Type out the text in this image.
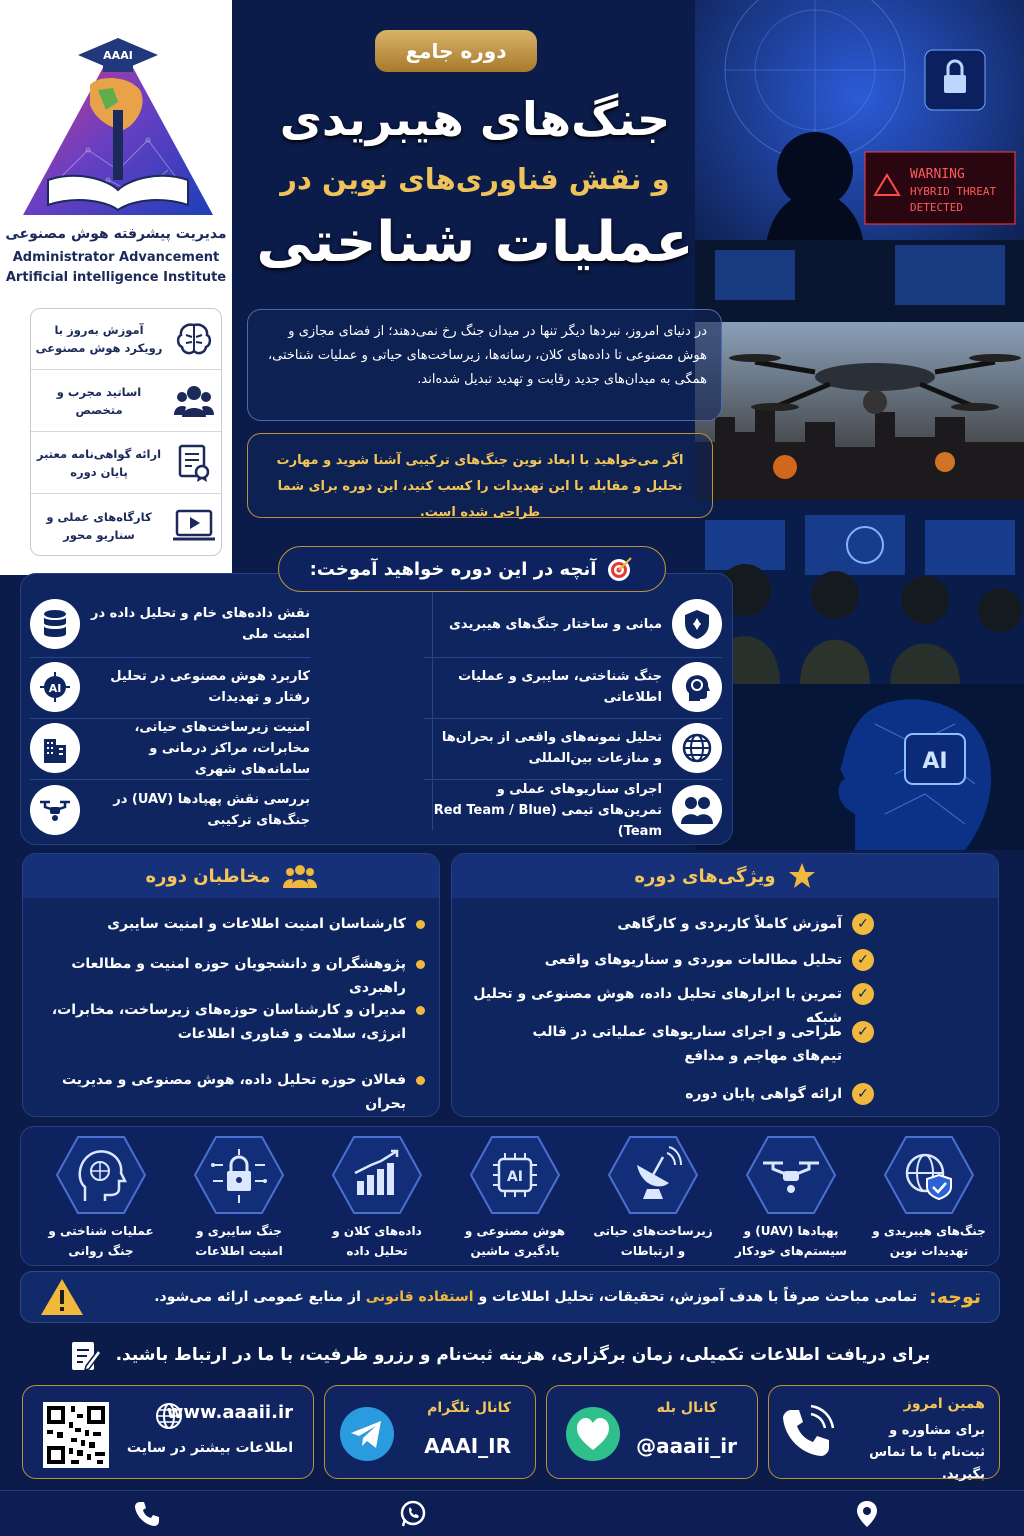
AAAI
مدیریت پیشرفته هوش مصنوعی
Administrator Advancement
Artificial intelligence Institute
آموزش به‌روز با رویکرد هوش مصنوعی
اساتید مجرب و متخصص
ارائه گواهی‌نامه معتبر پایان دوره
کارگاه‌های عملی و سناریو محور
WARNING
HYBRID THREAT
DETECTED
AI
دوره جامع
جنگ‌های هیبریدی
و نقش فناوری‌های نوین در
عملیات شناختی
در دنیای امروز، نبردها دیگر تنها در میدان جنگ رخ نمی‌دهند؛ از فضای مجازی و هوش مصنوعی تا داده‌های کلان، رسانه‌ها، زیرساخت‌های حیاتی و عملیات شناختی، همگی به میدان‌های جدید رقابت و تهدید تبدیل شده‌اند.
اگر می‌خواهید با ابعاد نوین جنگ‌های ترکیبی آشنا شوید و مهارت تحلیل و مقابله با این تهدیدات را کسب کنید، این دوره برای شما طراحی شده است.
مبانی و ساختار جنگ‌های هیبریدی
جنگ شناختی، سایبری و عملیات اطلاعاتی
تحلیل نمونه‌های واقعی از بحران‌ها و منازعات بین‌المللی
اجرای سناریوهای عملی و تمرین‌های تیمی (Red Team / Blue Team)
نقش داده‌های خام و تحلیل داده در امنیت ملی
کاربرد هوش مصنوعی در تحلیل رفتار و تهدیدات
AI
امنیت زیرساخت‌های حیاتی، مخابرات، مراکز درمانی و سامانه‌های شهری
بررسی نقش پهپادها (UAV) در جنگ‌های ترکیبی
آنچه در این دوره خواهید آموخت:
مخاطبان دوره
کارشناسان امنیت اطلاعات و امنیت سایبری
پژوهشگران و دانشجویان حوزه امنیت و مطالعات راهبردی
مدیران و کارشناسان حوزه‌های زیرساخت، مخابرات، انرژی، سلامت و فناوری اطلاعات
فعالان حوزه تحلیل داده، هوش مصنوعی و مدیریت بحران
ویژگی‌های دوره
✓
آموزش کاملاً کاربردی و کارگاهی
✓
تحلیل مطالعات موردی و سناریوهای واقعی
✓
تمرین با ابزارهای تحلیل داده، هوش مصنوعی و تحلیل شبکه
✓
طراحی و اجرای سناریوهای عملیاتی در قالب تیم‌های مهاجم و مدافع
✓
ارائه گواهی پایان دوره
جنگ‌های هیبریدی و تهدیدات نوین
پهپادها (UAV) و سیستم‌های خودکار
زیرساخت‌های حیاتی و ارتباطات
AI
هوش مصنوعی و یادگیری ماشین
داده‌های کلان و تحلیل داده
جنگ سایبری و امنیت اطلاعات
عملیات شناختی و جنگ روانی
توجه:
تمامی مباحث صرفاً با هدف آموزش، تحقیقات، تحلیل اطلاعات و استفاده قانونی از منابع عمومی ارائه می‌شود.
برای دریافت اطلاعات تکمیلی، زمان برگزاری، هزینه ثبت‌نام و رزرو ظرفیت، با ما در ارتباط باشید.
همین امروز
برای مشاوره و ثبت‌نام با ما تماس بگیرید.
کانال بله
@aaaii_ir
کانال تلگرام
AAAI_IR
www.aaaii.ir
اطلاعات بیشتر در سایت
